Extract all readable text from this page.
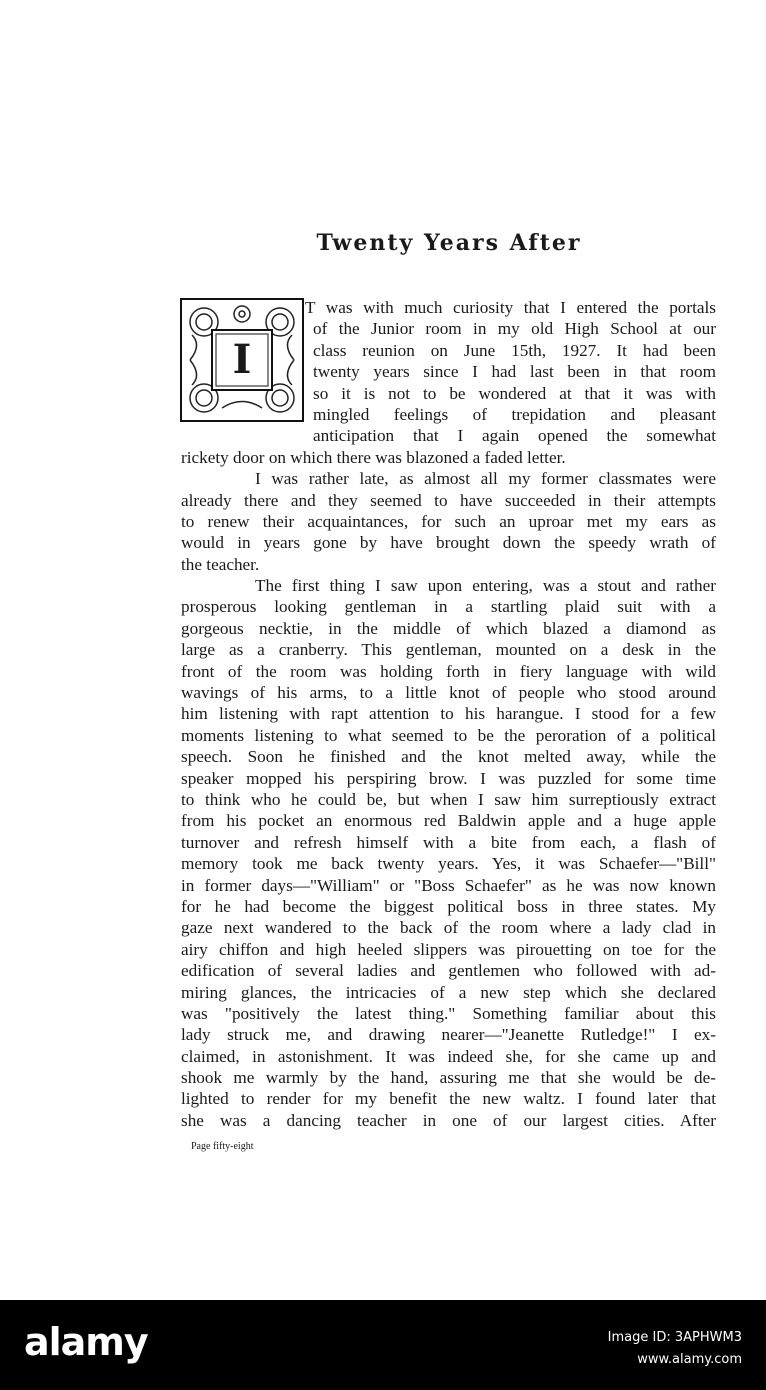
Twenty Years After
I
T was with much curiosity that I entered the portals
of the Junior room in my old High School at our
class reunion on June 15th, 1927. It had been
twenty years since I had last been in that room
so it is not to be wondered at that it was with
mingled feelings of trepidation and pleasant
anticipation that I again opened the somewhat
rickety door on which there was blazoned a faded letter.
I was rather late, as almost all my former classmates were
already there and they seemed to have succeeded in their attempts
to renew their acquaintances, for such an uproar met my ears as
would in years gone by have brought down the speedy wrath of
the teacher.
The first thing I saw upon entering, was a stout and rather
prosperous looking gentleman in a startling plaid suit with a
gorgeous necktie, in the middle of which blazed a diamond as
large as a cranberry. This gentleman, mounted on a desk in the
front of the room was holding forth in fiery language with wild
wavings of his arms, to a little knot of people who stood around
him listening with rapt attention to his harangue. I stood for a few
moments listening to what seemed to be the peroration of a political
speech. Soon he finished and the knot melted away, while the
speaker mopped his perspiring brow. I was puzzled for some time
to think who he could be, but when I saw him surreptiously extract
from his pocket an enormous red Baldwin apple and a huge apple
turnover and refresh himself with a bite from each, a flash of
memory took me back twenty years. Yes, it was Schaefer—"Bill"
in former days—"William" or "Boss Schaefer" as he was now known
for he had become the biggest political boss in three states. My
gaze next wandered to the back of the room where a lady clad in
airy chiffon and high heeled slippers was pirouetting on toe for the
edification of several ladies and gentlemen who followed with ad-
miring glances, the intricacies of a new step which she declared
was "positively the latest thing." Something familiar about this
lady struck me, and drawing nearer—"Jeanette Rutledge!" I ex-
claimed, in astonishment. It was indeed she, for she came up and
shook me warmly by the hand, assuring me that she would be de-
lighted to render for my benefit the new waltz. I found later that
she was a dancing teacher in one of our largest cities. After
Page fifty-eight
alamy	Image ID: 3APHWM3
www.alamy.com
